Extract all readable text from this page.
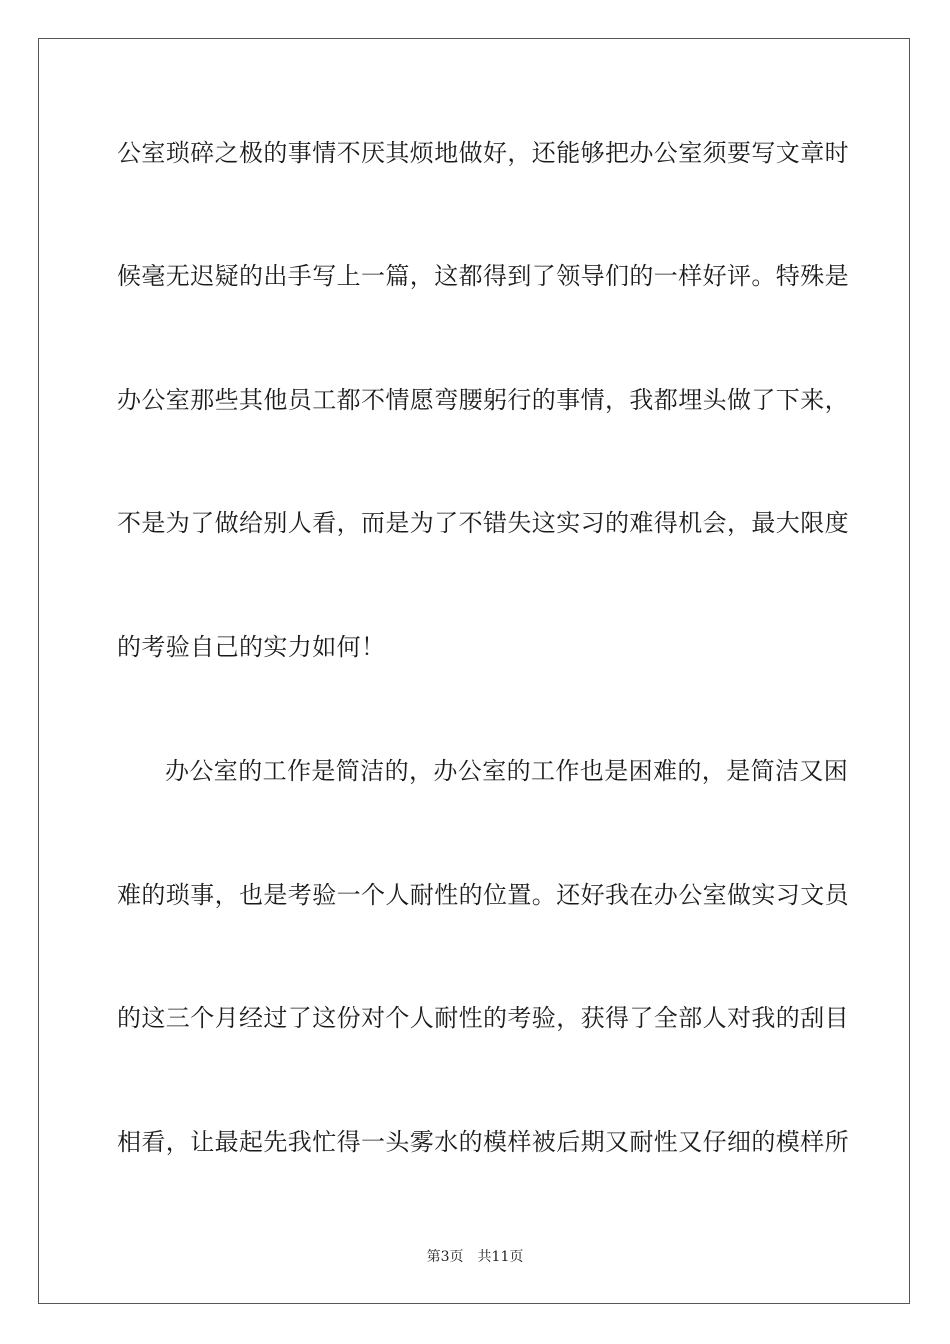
公室琐碎之极的事情不厌其烦地做好，还能够把办公室须要写文章时
候毫无迟疑的出手写上一篇，这都得到了领导们的一样好评。特殊是
办公室那些其他员工都不情愿弯腰躬行的事情，我都埋头做了下来，
不是为了做给别人看，而是为了不错失这实习的难得机会，最大限度
的考验自己的实力如何！
办公室的工作是简洁的，办公室的工作也是困难的，是简洁又困
难的琐事，也是考验一个人耐性的位置。还好我在办公室做实习文员
的这三个月经过了这份对个人耐性的考验，获得了全部人对我的刮目
相看，让最起先我忙得一头雾水的模样被后期又耐性又仔细的模样所
第3页 共11页
